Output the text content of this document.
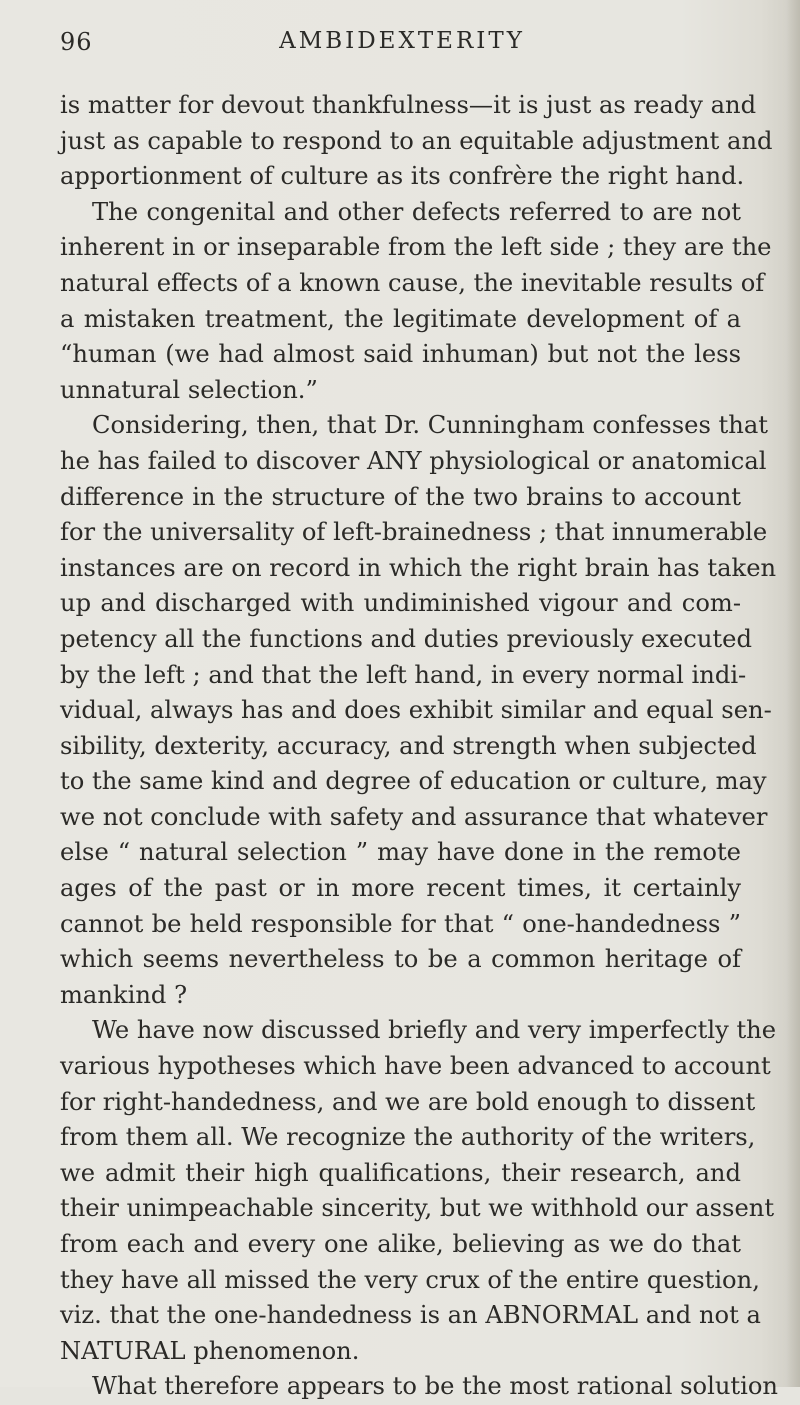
96	AMBIDEXTERITY
is matter for devout thankfulness—it is just as ready and
just as capable to respond to an equitable adjustment and
apportionment of culture as its confrère the right hand.
The congenital and other defects referred to are not
inherent in or inseparable from the left side ; they are the
natural effects of a known cause, the inevitable results of
a mistaken treatment, the legitimate development of a
“human (we had almost said inhuman) but not the less
unnatural selection.”
Considering, then, that Dr. Cunningham confesses that
he has failed to discover ANY physiological or anatomical
difference in the structure of the two brains to account
for the universality of left-brainedness ; that innumerable
instances are on record in which the right brain has taken
up and discharged with undiminished vigour and com-
petency all the functions and duties previously executed
by the left ; and that the left hand, in every normal indi-
vidual, always has and does exhibit similar and equal sen-
sibility, dexterity, accuracy, and strength when subjected
to the same kind and degree of education or culture, may
we not conclude with safety and assurance that whatever
else “ natural selection ” may have done in the remote
ages of the past or in more recent times, it certainly
cannot be held responsible for that “ one-handedness ”
which seems nevertheless to be a common heritage of
mankind ?
We have now discussed briefly and very imperfectly the
various hypotheses which have been advanced to account
for right-handedness, and we are bold enough to dissent
from them all. We recognize the authority of the writers,
we admit their high qualifications, their research, and
their unimpeachable sincerity, but we withhold our assent
from each and every one alike, believing as we do that
they have all missed the very crux of the entire question,
viz. that the one-handedness is an ABNORMAL and not a
NATURAL phenomenon.
What therefore appears to be the most rational solution
